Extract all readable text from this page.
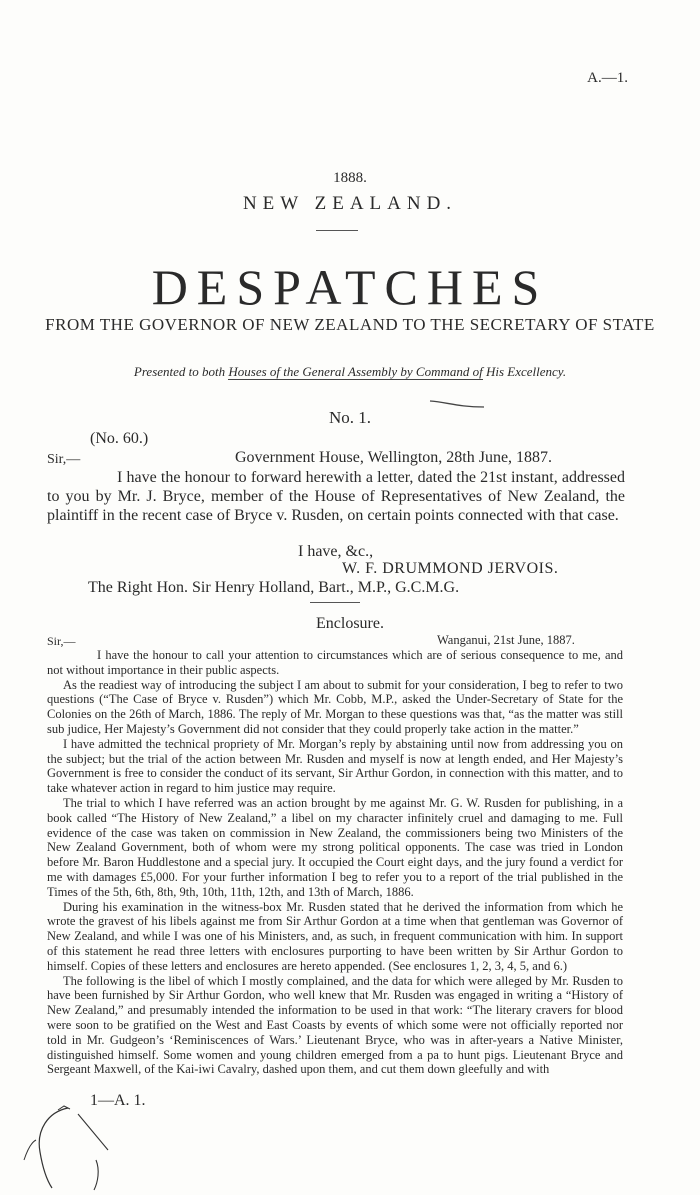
A.—1.
1888.
NEW ZEALAND.
DESPATCHES
FROM THE GOVERNOR OF NEW ZEALAND TO THE SECRETARY OF STATE
Presented to both Houses of the General Assembly by Command of His Excellency.
No. 1.
(No. 60.)
Sir,—	Government House, Wellington, 28th June, 1887.
I have the honour to forward herewith a letter, dated the 21st instant, addressed to you by Mr. J. Bryce, member of the House of Representatives of New Zealand, the plaintiff in the recent case of Bryce v. Rusden, on certain points connected with that case.
I have, &c.,
W. F. DRUMMOND JERVOIS.
The Right Hon. Sir Henry Holland, Bart., M.P., G.C.M.G.
Enclosure.
Sir,—	Wanganui, 21st June, 1887.

I have the honour to call your attention to circumstances which are of serious consequence to me, and not without importance in their public aspects.

As the readiest way of introducing the subject I am about to submit for your consideration, I beg to refer to two questions (“The Case of Bryce v. Rusden”) which Mr. Cobb, M.P., asked the Under-Secretary of State for the Colonies on the 26th of March, 1886. The reply of Mr. Morgan to these questions was that, “as the matter was still sub judice, Her Majesty’s Government did not consider that they could properly take action in the matter.”

I have admitted the technical propriety of Mr. Morgan’s reply by abstaining until now from addressing you on the subject; but the trial of the action between Mr. Rusden and myself is now at length ended, and Her Majesty’s Government is free to consider the conduct of its servant, Sir Arthur Gordon, in connection with this matter, and to take whatever action in regard to him justice may require.

The trial to which I have referred was an action brought by me against Mr. G. W. Rusden for publishing, in a book called “The History of New Zealand,” a libel on my character infinitely cruel and damaging to me. Full evidence of the case was taken on commission in New Zealand, the commissioners being two Ministers of the New Zealand Government, both of whom were my strong political opponents. The case was tried in London before Mr. Baron Huddlestone and a special jury. It occupied the Court eight days, and the jury found a verdict for me with damages £5,000. For your further information I beg to refer you to a report of the trial published in the Times of the 5th, 6th, 8th, 9th, 10th, 11th, 12th, and 13th of March, 1886.

During his examination in the witness-box Mr. Rusden stated that he derived the information from which he wrote the gravest of his libels against me from Sir Arthur Gordon at a time when that gentleman was Governor of New Zealand, and while I was one of his Ministers, and, as such, in frequent communication with him. In support of this statement he read three letters with enclosures purporting to have been written by Sir Arthur Gordon to himself. Copies of these letters and enclosures are hereto appended. (See enclosures 1, 2, 3, 4, 5, and 6.)

The following is the libel of which I mostly complained, and the data for which were alleged by Mr. Rusden to have been furnished by Sir Arthur Gordon, who well knew that Mr. Rusden was engaged in writing a “History of New Zealand,” and presumably intended the information to be used in that work: “The literary cravers for blood were soon to be gratified on the West and East Coasts by events of which some were not officially reported nor told in Mr. Gudgeon’s ‘Reminiscences of Wars.’ Lieutenant Bryce, who was in after-years a Native Minister, distinguished himself. Some women and young children emerged from a pa to hunt pigs. Lieutenant Bryce and Sergeant Maxwell, of the Kai-iwi Cavalry, dashed upon them, and cut them down gleefully and with

1—A. 1.
